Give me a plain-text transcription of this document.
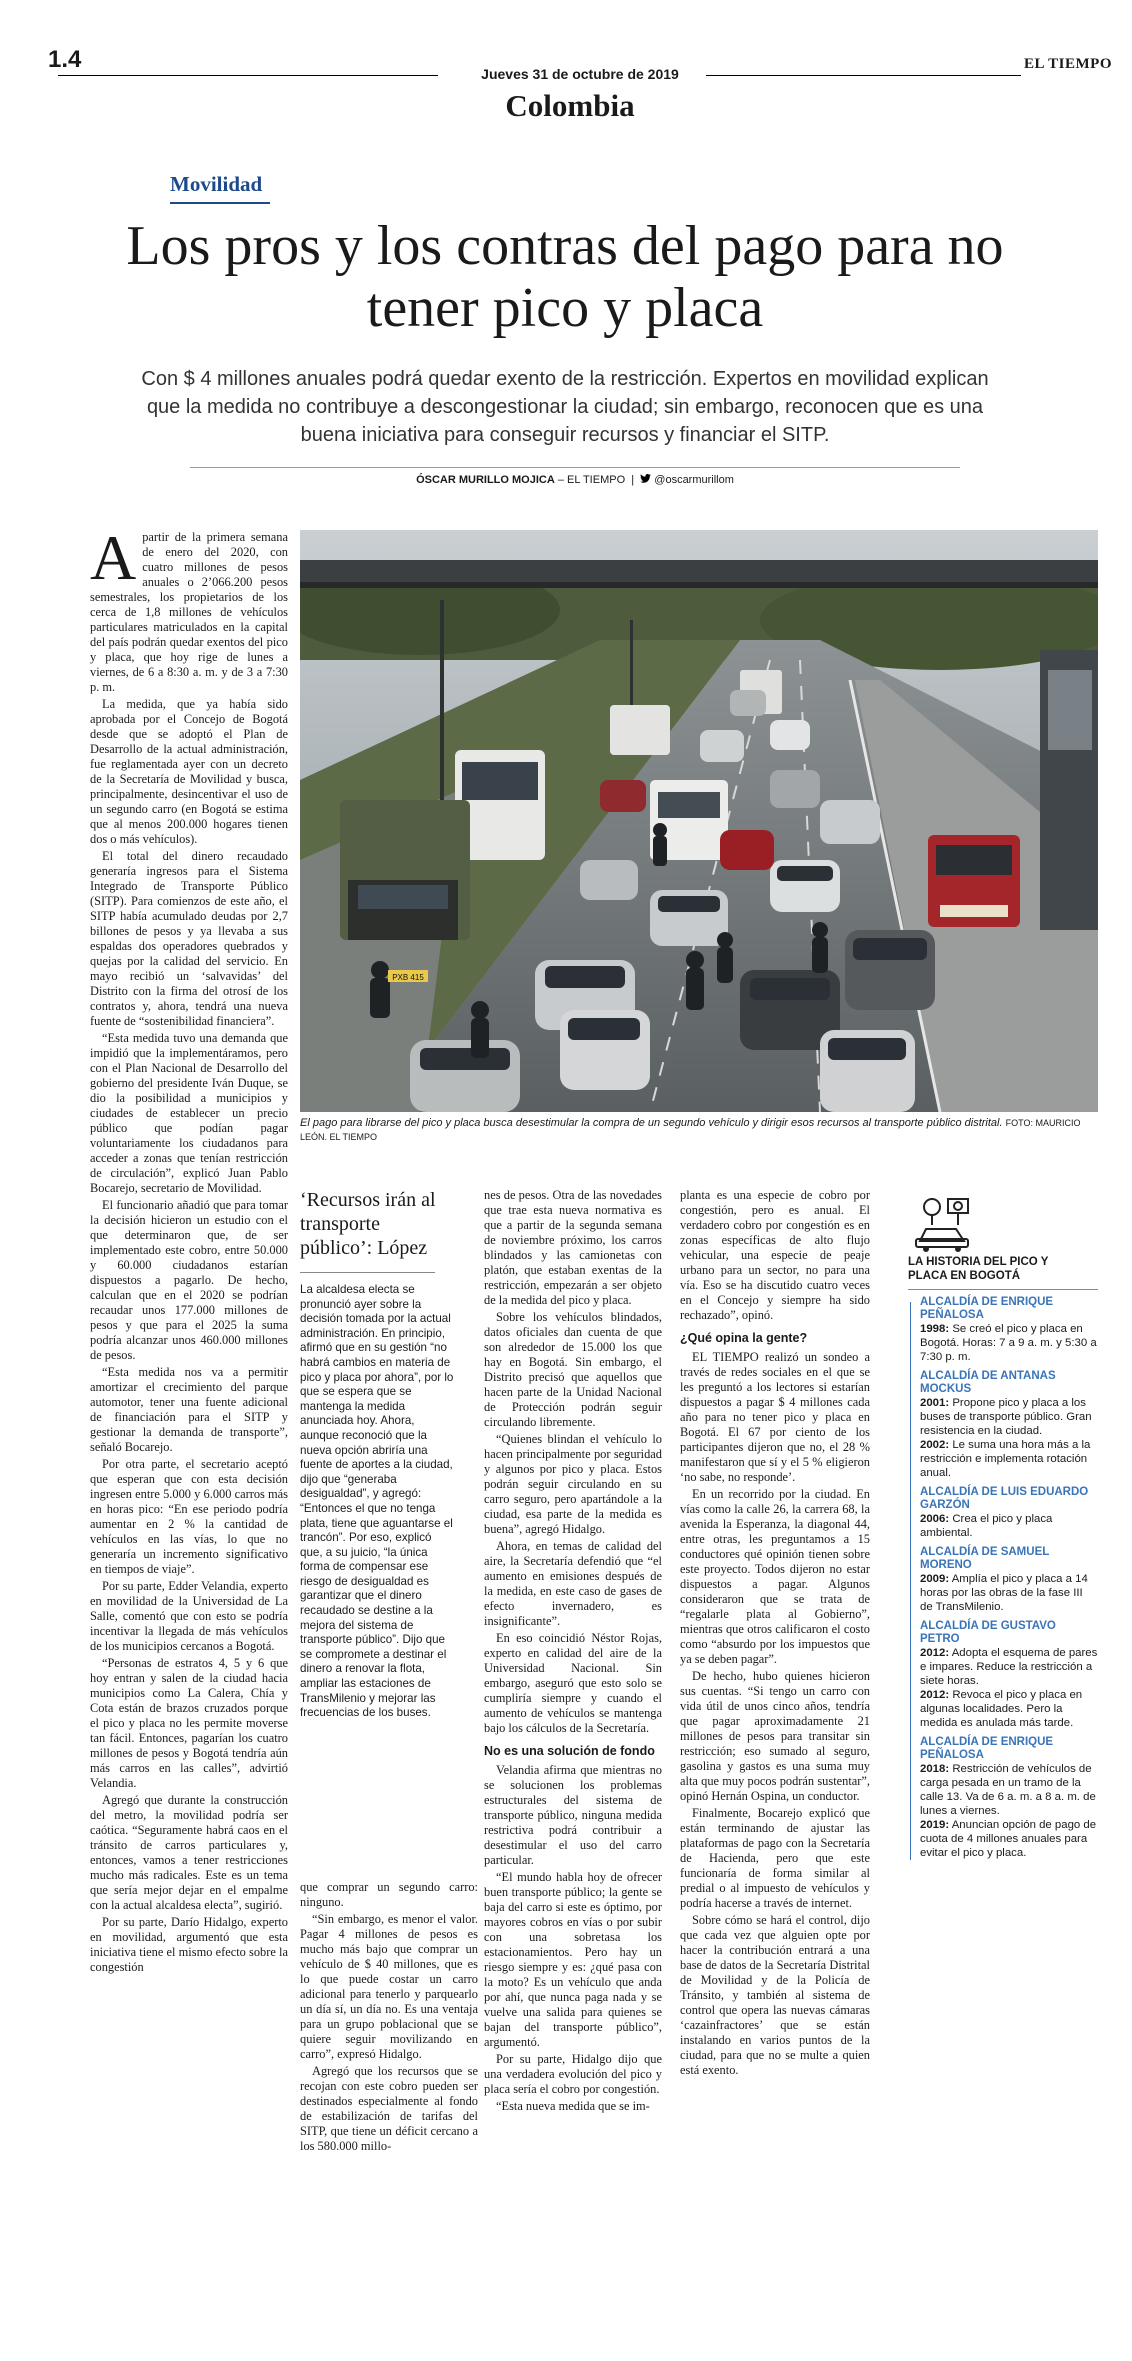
1.4
Jueves 31 de octubre de 2019
EL TIEMPO
Colombia
Movilidad
Los pros y los contras del pago para no tener pico y placa
Con $ 4 millones anuales podrá quedar exento de la restricción. Expertos en movilidad explican que la medida no contribuye a descongestionar la ciudad; sin embargo, reconocen que es una buena iniciativa para conseguir recursos y financiar el SITP.
ÓSCAR MURILLO MOJICA – EL TIEMPO  |   @oscarmurillom
A partir de la primera semana de enero del 2020, con cuatro millones de pesos anuales o 2’066.200 pesos semestrales, los propietarios de los cerca de 1,8 millones de vehículos particulares matriculados en la capital del país podrán quedar exentos del pico y placa, que hoy rige de lunes a viernes, de 6 a 8:30 a. m. y de 3 a 7:30 p. m.

La medida, que ya había sido aprobada por el Concejo de Bogotá desde que se adoptó el Plan de Desarrollo de la actual administración, fue reglamentada ayer con un decreto de la Secretaría de Movilidad y busca, principalmente, desincentivar el uso de un segundo carro (en Bogotá se estima que al menos 200.000 hogares tienen dos o más vehículos).

El total del dinero recaudado generaría ingresos para el Sistema Integrado de Transporte Público (SITP). Para comienzos de este año, el SITP había acumulado deudas por 2,7 billones de pesos y ya llevaba a sus espaldas dos operadores quebrados y quejas por la calidad del servicio. En mayo recibió un ‘salvavidas’ del Distrito con la firma del otrosí de los contratos y, ahora, tendrá una nueva fuente de “sostenibilidad financiera”.

“Esta medida tuvo una demanda que impidió que la implementáramos, pero con el Plan Nacional de Desarrollo del gobierno del presidente Iván Duque, se dio la posibilidad a municipios y ciudades de establecer un precio público que podían pagar voluntariamente los ciudadanos para acceder a zonas que tenían restricción de circulación”, explicó Juan Pablo Bocarejo, secretario de Movilidad.

El funcionario añadió que para tomar la decisión hicieron un estudio con el que determinaron que, de ser implementado este cobro, entre 50.000 y 60.000 ciudadanos estarían dispuestos a pagarlo. De hecho, calculan que en el 2020 se podrían recaudar unos 177.000 millones de pesos y que para el 2025 la suma podría alcanzar unos 460.000 millones de pesos.

“Esta medida nos va a permitir amortizar el crecimiento del parque automotor, tener una fuente adicional de financiación para el SITP y gestionar la demanda de transporte”, señaló Bocarejo.

Por otra parte, el secretario aceptó que esperan que con esta decisión ingresen entre 5.000 y 6.000 carros más en horas pico: “En ese periodo podría aumentar en 2 % la cantidad de vehículos en las vías, lo que no generaría un incremento significativo en tiempos de viaje”.

Por su parte, Edder Velandia, experto en movilidad de la Universidad de La Salle, comentó que con esto se podría incentivar la llegada de más vehículos de los municipios cercanos a Bogotá.

“Personas de estratos 4, 5 y 6 que hoy entran y salen de la ciudad hacia municipios como La Calera, Chía y Cota están de brazos cruzados porque el pico y placa no les permite moverse tan fácil. Entonces, pagarían los cuatro millones de pesos y Bogotá tendría aún más carros en las calles”, advirtió Velandia.

Agregó que durante la construcción del metro, la movilidad podría ser caótica. “Seguramente habrá caos en el tránsito de carros particulares y, entonces, vamos a tener restricciones mucho más radicales. Este es un tema que sería mejor dejar en el empalme con la actual alcaldesa electa”, sugirió.

Por su parte, Darío Hidalgo, experto en movilidad, argumentó que esta iniciativa tiene el mismo efecto sobre la congestión

PXB 415
El pago para librarse del pico y placa busca desestimular la compra de un segundo vehículo y dirigir esos recursos al transporte público distrital. FOTO: MAURICIO LEÓN. EL TIEMPO
‘Recursos irán al transporte público’: López
La alcaldesa electa se pronunció ayer sobre la decisión tomada por la actual administración. En principio, afirmó que en su gestión “no habrá cambios en materia de pico y placa por ahora”, por lo que se espera que se mantenga la medida anunciada hoy. Ahora, aunque reconoció que la nueva opción abriría una fuente de aportes a la ciudad, dijo que “generaba desigualdad”, y agregó: “Entonces el que no tenga plata, tiene que aguantarse el trancón”. Por eso, explicó que, a su juicio, “la única forma de compensar ese riesgo de desigualdad es garantizar que el dinero recaudado se destine a la mejora del sistema de transporte público”. Dijo que se compromete a destinar el dinero a renovar la flota, ampliar las estaciones de TransMilenio y mejorar las frecuencias de los buses.

que comprar un segundo carro: ninguno.

“Sin embargo, es menor el valor. Pagar 4 millones de pesos es mucho más bajo que comprar un vehículo de $ 40 millones, que es lo que puede costar un carro adicional para tenerlo y parquearlo un día sí, un día no. Es una ventaja para un grupo poblacional que se quiere seguir movilizando en carro”, expresó Hidalgo.

Agregó que los recursos que se recojan con este cobro pueden ser destinados especialmente al fondo de estabilización de tarifas del SITP, que tiene un déficit cercano a los 580.000 millo-

nes de pesos. Otra de las novedades que trae esta nueva normativa es que a partir de la segunda semana de noviembre próximo, los carros blindados y las camionetas con platón, que estaban exentas de la restricción, empezarán a ser objeto de la medida del pico y placa.

Sobre los vehículos blindados, datos oficiales dan cuenta de que son alrededor de 15.000 los que hay en Bogotá. Sin embargo, el Distrito precisó que aquellos que hacen parte de la Unidad Nacional de Protección podrán seguir circulando libremente.

“Quienes blindan el vehículo lo hacen principalmente por seguridad y algunos por pico y placa. Estos podrán seguir circulando en su carro seguro, pero apartándole a la ciudad, esa parte de la medida es buena”, agregó Hidalgo.

Ahora, en temas de calidad del aire, la Secretaría defendió que “el aumento en emisiones después de la medida, en este caso de gases de efecto invernadero, es insignificante”.

En eso coincidió Néstor Rojas, experto en calidad del aire de la Universidad Nacional. Sin embargo, aseguró que esto solo se cumpliría siempre y cuando el aumento de vehículos se mantenga bajo los cálculos de la Secretaría.

No es una solución de fondo

Velandia afirma que mientras no se solucionen los problemas estructurales del sistema de transporte público, ninguna medida restrictiva podrá contribuir a desestimular el uso del carro particular.

“El mundo habla hoy de ofrecer buen transporte público; la gente se baja del carro si este es óptimo, por mayores cobros en vías o por subir con una sobretasa los estacionamientos. Pero hay un riesgo siempre y es: ¿qué pasa con la moto? Es un vehículo que anda por ahí, que nunca paga nada y se vuelve una salida para quienes se bajan del transporte público”, argumentó.

Por su parte, Hidalgo dijo que una verdadera evolución del pico y placa sería el cobro por congestión.

“Esta nueva medida que se im-

planta es una especie de cobro por congestión, pero es anual. El verdadero cobro por congestión es en zonas específicas de alto flujo vehicular, una especie de peaje urbano para un sector, no para una vía. Eso se ha discutido cuatro veces en el Concejo y siempre ha sido rechazado”, opinó.

¿Qué opina la gente?

EL TIEMPO realizó un sondeo a través de redes sociales en el que se les preguntó a los lectores si estarían dispuestos a pagar $ 4 millones cada año para no tener pico y placa en Bogotá. El 67 por ciento de los participantes dijeron que no, el 28 % manifestaron que sí y el 5 % eligieron ‘no sabe, no responde’.

En un recorrido por la ciudad. En vías como la calle 26, la carrera 68, la avenida la Esperanza, la diagonal 44, entre otras, les preguntamos a 15 conductores qué opinión tienen sobre este proyecto. Todos dijeron no estar dispuestos a pagar. Algunos consideraron que se trata de “regalarle plata al Gobierno”, mientras que otros calificaron el costo como “absurdo por los impuestos que ya se deben pagar”.

De hecho, hubo quienes hicieron sus cuentas. “Si tengo un carro con vida útil de unos cinco años, tendría que pagar aproximadamente 21 millones de pesos para transitar sin restricción; eso sumado al seguro, gasolina y gastos es una suma muy alta que muy pocos podrán sustentar”, opinó Hernán Ospina, un conductor.

Finalmente, Bocarejo explicó que están terminando de ajustar las plataformas de pago con la Secretaría de Hacienda, pero que este funcionaría de forma similar al predial o al impuesto de vehículos y podría hacerse a través de internet.

Sobre cómo se hará el control, dijo que cada vez que alguien opte por hacer la contribución entrará a una base de datos de la Secretaría Distrital de Movilidad y de la Policía de Tránsito, y también al sistema de control que opera las nuevas cámaras ‘cazainfractores’ que se están instalando en varios puntos de la ciudad, para que no se multe a quien está exento.

LA HISTORIA DEL PICO Y PLACA EN BOGOTÁ
ALCALDÍA DE ENRIQUE PEÑALOSA
1998: Se creó el pico y placa en Bogotá. Horas: 7 a 9 a. m. y 5:30 a 7:30 p. m.
ALCALDÍA DE ANTANAS MOCKUS
2001: Propone pico y placa a los buses de transporte público. Gran resistencia en la ciudad.
2002: Le suma una hora más a la restricción e implementa rotación anual.
ALCALDÍA DE LUIS EDUARDO GARZÓN
2006: Crea el pico y placa ambiental.
ALCALDÍA DE SAMUEL MORENO
2009: Amplía el pico y placa a 14 horas por las obras de la fase III de TransMilenio.
ALCALDÍA DE GUSTAVO PETRO
2012: Adopta el esquema de pares e impares. Reduce la restricción a siete horas.
2012: Revoca el pico y placa en algunas localidades. Pero la medida es anulada más tarde.
ALCALDÍA DE ENRIQUE PEÑALOSA
2018: Restricción de vehículos de carga pesada en un tramo de la calle 13. Va de 6 a. m. a 8 a. m. de lunes a viernes.
2019: Anuncian opción de pago de cuota de 4 millones anuales para evitar el pico y placa.
